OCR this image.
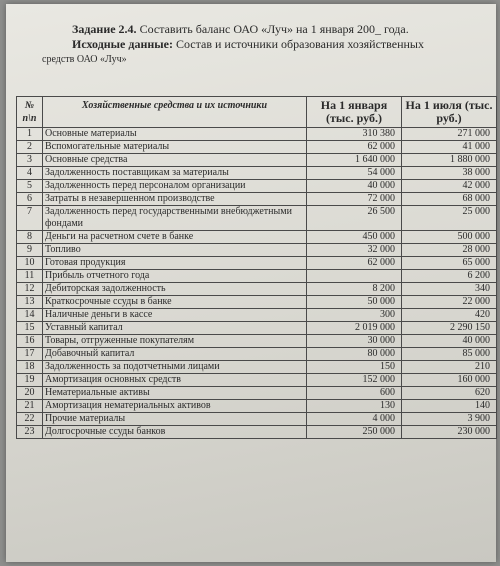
Задание 2.4. Составить баланс ОАО «Луч» на 1 января 200_ года.
Исходные данные: Состав и источники образования хозяйственных
средств ОАО «Луч»
№ п\п	Хозяйственные средства и их источники	На 1 января (тыс. руб.)	На 1 июля (тыс. руб.)
1	Основные материалы	310 380	271 000
2	Вспомогательные материалы	62 000	41 000
3	Основные средства	1 640 000	1 880 000
4	Задолженность поставщикам за материалы	54 000	38 000
5	Задолженность перед персоналом организации	40 000	42 000
6	Затраты в незавершенном производстве	72 000	68 000
7	Задолженность перед государственными внебюджетными фондами	26 500	25 000
8	Деньги на расчетном счете в банке	450 000	500 000
9	Топливо	32 000	28 000
10	Готовая продукция	62 000	65 000
11	Прибыль отчетного года		6 200
12	Дебиторская задолженность	8 200	340
13	Краткосрочные ссуды в банке	50 000	22 000
14	Наличные деньги в кассе	300	420
15	Уставный капитал	2 019 000	2 290 150
16	Товары, отгруженные покупателям	30 000	40 000
17	Добавочный капитал	80 000	85 000
18	Задолженность за подотчетными лицами	150	210
19	Амортизация основных средств	152 000	160 000
20	Нематериальные активы	600	620
21	Амортизация нематериальных активов	130	140
22	Прочие материалы	4 000	3 900
23	Долгосрочные ссуды банков	250 000	230 000
